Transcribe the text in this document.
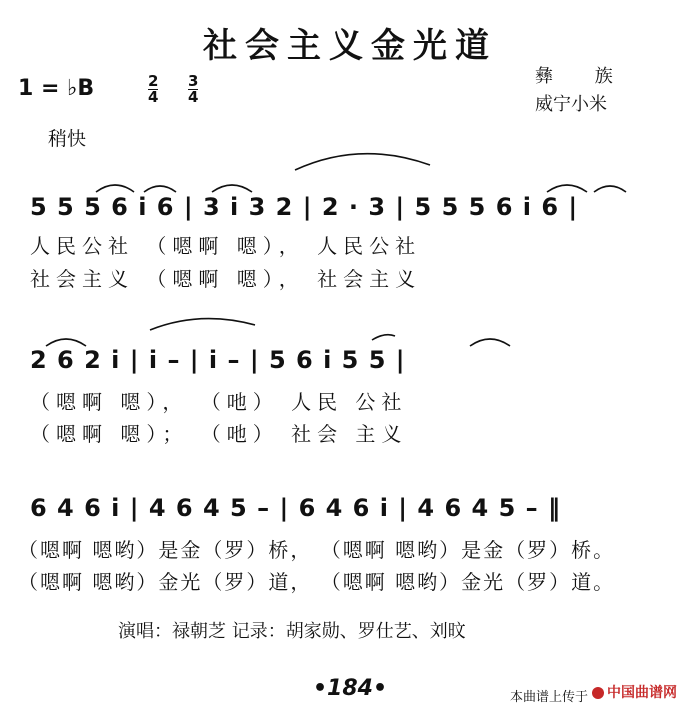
社会主义金光道
1 = ♭B	2
4
3
4
彝 族
威宁小米
稍快
5 5 5 6 i 6 | 3 i 3 2 | 2 · 3 | 5 5 5 6 i 6 |
人民公社 （嗯啊 嗯）， 人民公社
社会主义 （嗯啊 嗯）， 社会主义
2 6 2 i | i – | i – | 5 6 i 5 5 |
（嗯啊 嗯）， （吔） 人民 公社
（嗯啊 嗯）； （吔） 社会 主义
6 4 6 i | 4 6 4 5 – | 6 4 6 i | 4 6 4 5 – ‖
（嗯啊 嗯哟）是金（罗）桥， （嗯啊 嗯哟）是金（罗）桥。
（嗯啊 嗯哟）金光（罗）道， （嗯啊 嗯哟）金光（罗）道。
演唱：禄朝芝 记录：胡家勋、罗仕艺、刘旼
•184•	本曲谱上传于	中国曲谱网
